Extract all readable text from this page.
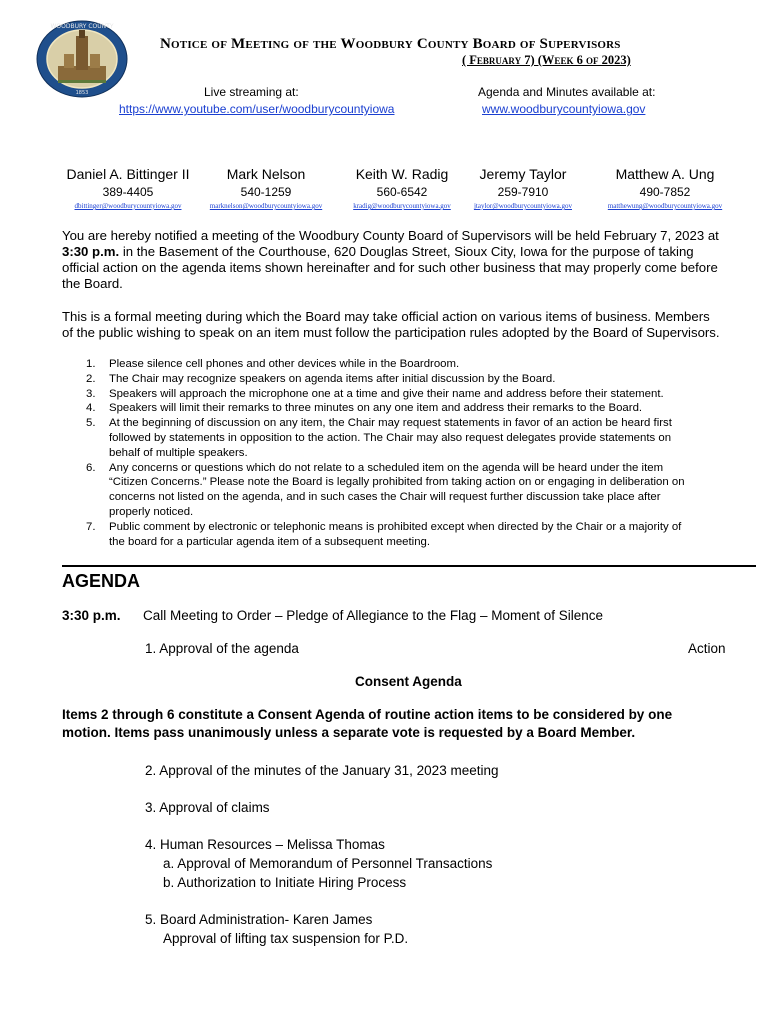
WOODBURY COUNTY
1853
Notice of Meeting of the Woodbury County Board of Supervisors
( February 7) (Week 6 of 2023)
Live streaming at:
https://www.youtube.com/user/woodburycountyiowa
Agenda and Minutes available at:
www.woodburycountyiowa.gov
Daniel A. Bittinger II
389-4405
dbittinger@woodburycountyiowa.gov
Mark Nelson
540-1259
marknelson@woodburycountyiowa.gov
Keith W. Radig
560-6542
kradig@woodburycountyiowa.gov
Jeremy Taylor
259-7910
jtaylor@woodburycountyiowa.gov
Matthew A. Ung
490-7852
matthewung@woodburycountyiowa.gov
You are hereby notified a meeting of the Woodbury County Board of Supervisors will be held February 7, 2023 at
3:30 p.m. in the Basement of the Courthouse, 620 Douglas Street, Sioux City, Iowa for the purpose of taking
official action on the agenda items shown hereinafter and for such other business that may properly come before
the Board.
This is a formal meeting during which the Board may take official action on various items of business. Members
of the public wishing to speak on an item must follow the participation rules adopted by the Board of Supervisors.
1. Please silence cell phones and other devices while in the Boardroom.
2. The Chair may recognize speakers on agenda items after initial discussion by the Board.
3. Speakers will approach the microphone one at a time and give their name and address before their statement.
4. Speakers will limit their remarks to three minutes on any one item and address their remarks to the Board.
5. At the beginning of discussion on any item, the Chair may request statements in favor of an action be heard first
followed by statements in opposition to the action. The Chair may also request delegates provide statements on
behalf of multiple speakers.
6. Any concerns or questions which do not relate to a scheduled item on the agenda will be heard under the item
“Citizen Concerns.” Please note the Board is legally prohibited from taking action on or engaging in deliberation on
concerns not listed on the agenda, and in such cases the Chair will request further discussion take place after
properly noticed.
7. Public comment by electronic or telephonic means is prohibited except when directed by the Chair or a majority of
the board for a particular agenda item of a subsequent meeting.
AGENDA
3:30 p.m. Call Meeting to Order – Pledge of Allegiance to the Flag – Moment of Silence
1. Approval of the agenda	Action
Consent Agenda
Items 2 through 6 constitute a Consent Agenda of routine action items to be considered by one
motion. Items pass unanimously unless a separate vote is requested by a Board Member.
2. Approval of the minutes of the January 31, 2023 meeting
3. Approval of claims
4. Human Resources – Melissa Thomas
a. Approval of Memorandum of Personnel Transactions
b. Authorization to Initiate Hiring Process
5. Board Administration- Karen James
Approval of lifting tax suspension for P.D.
